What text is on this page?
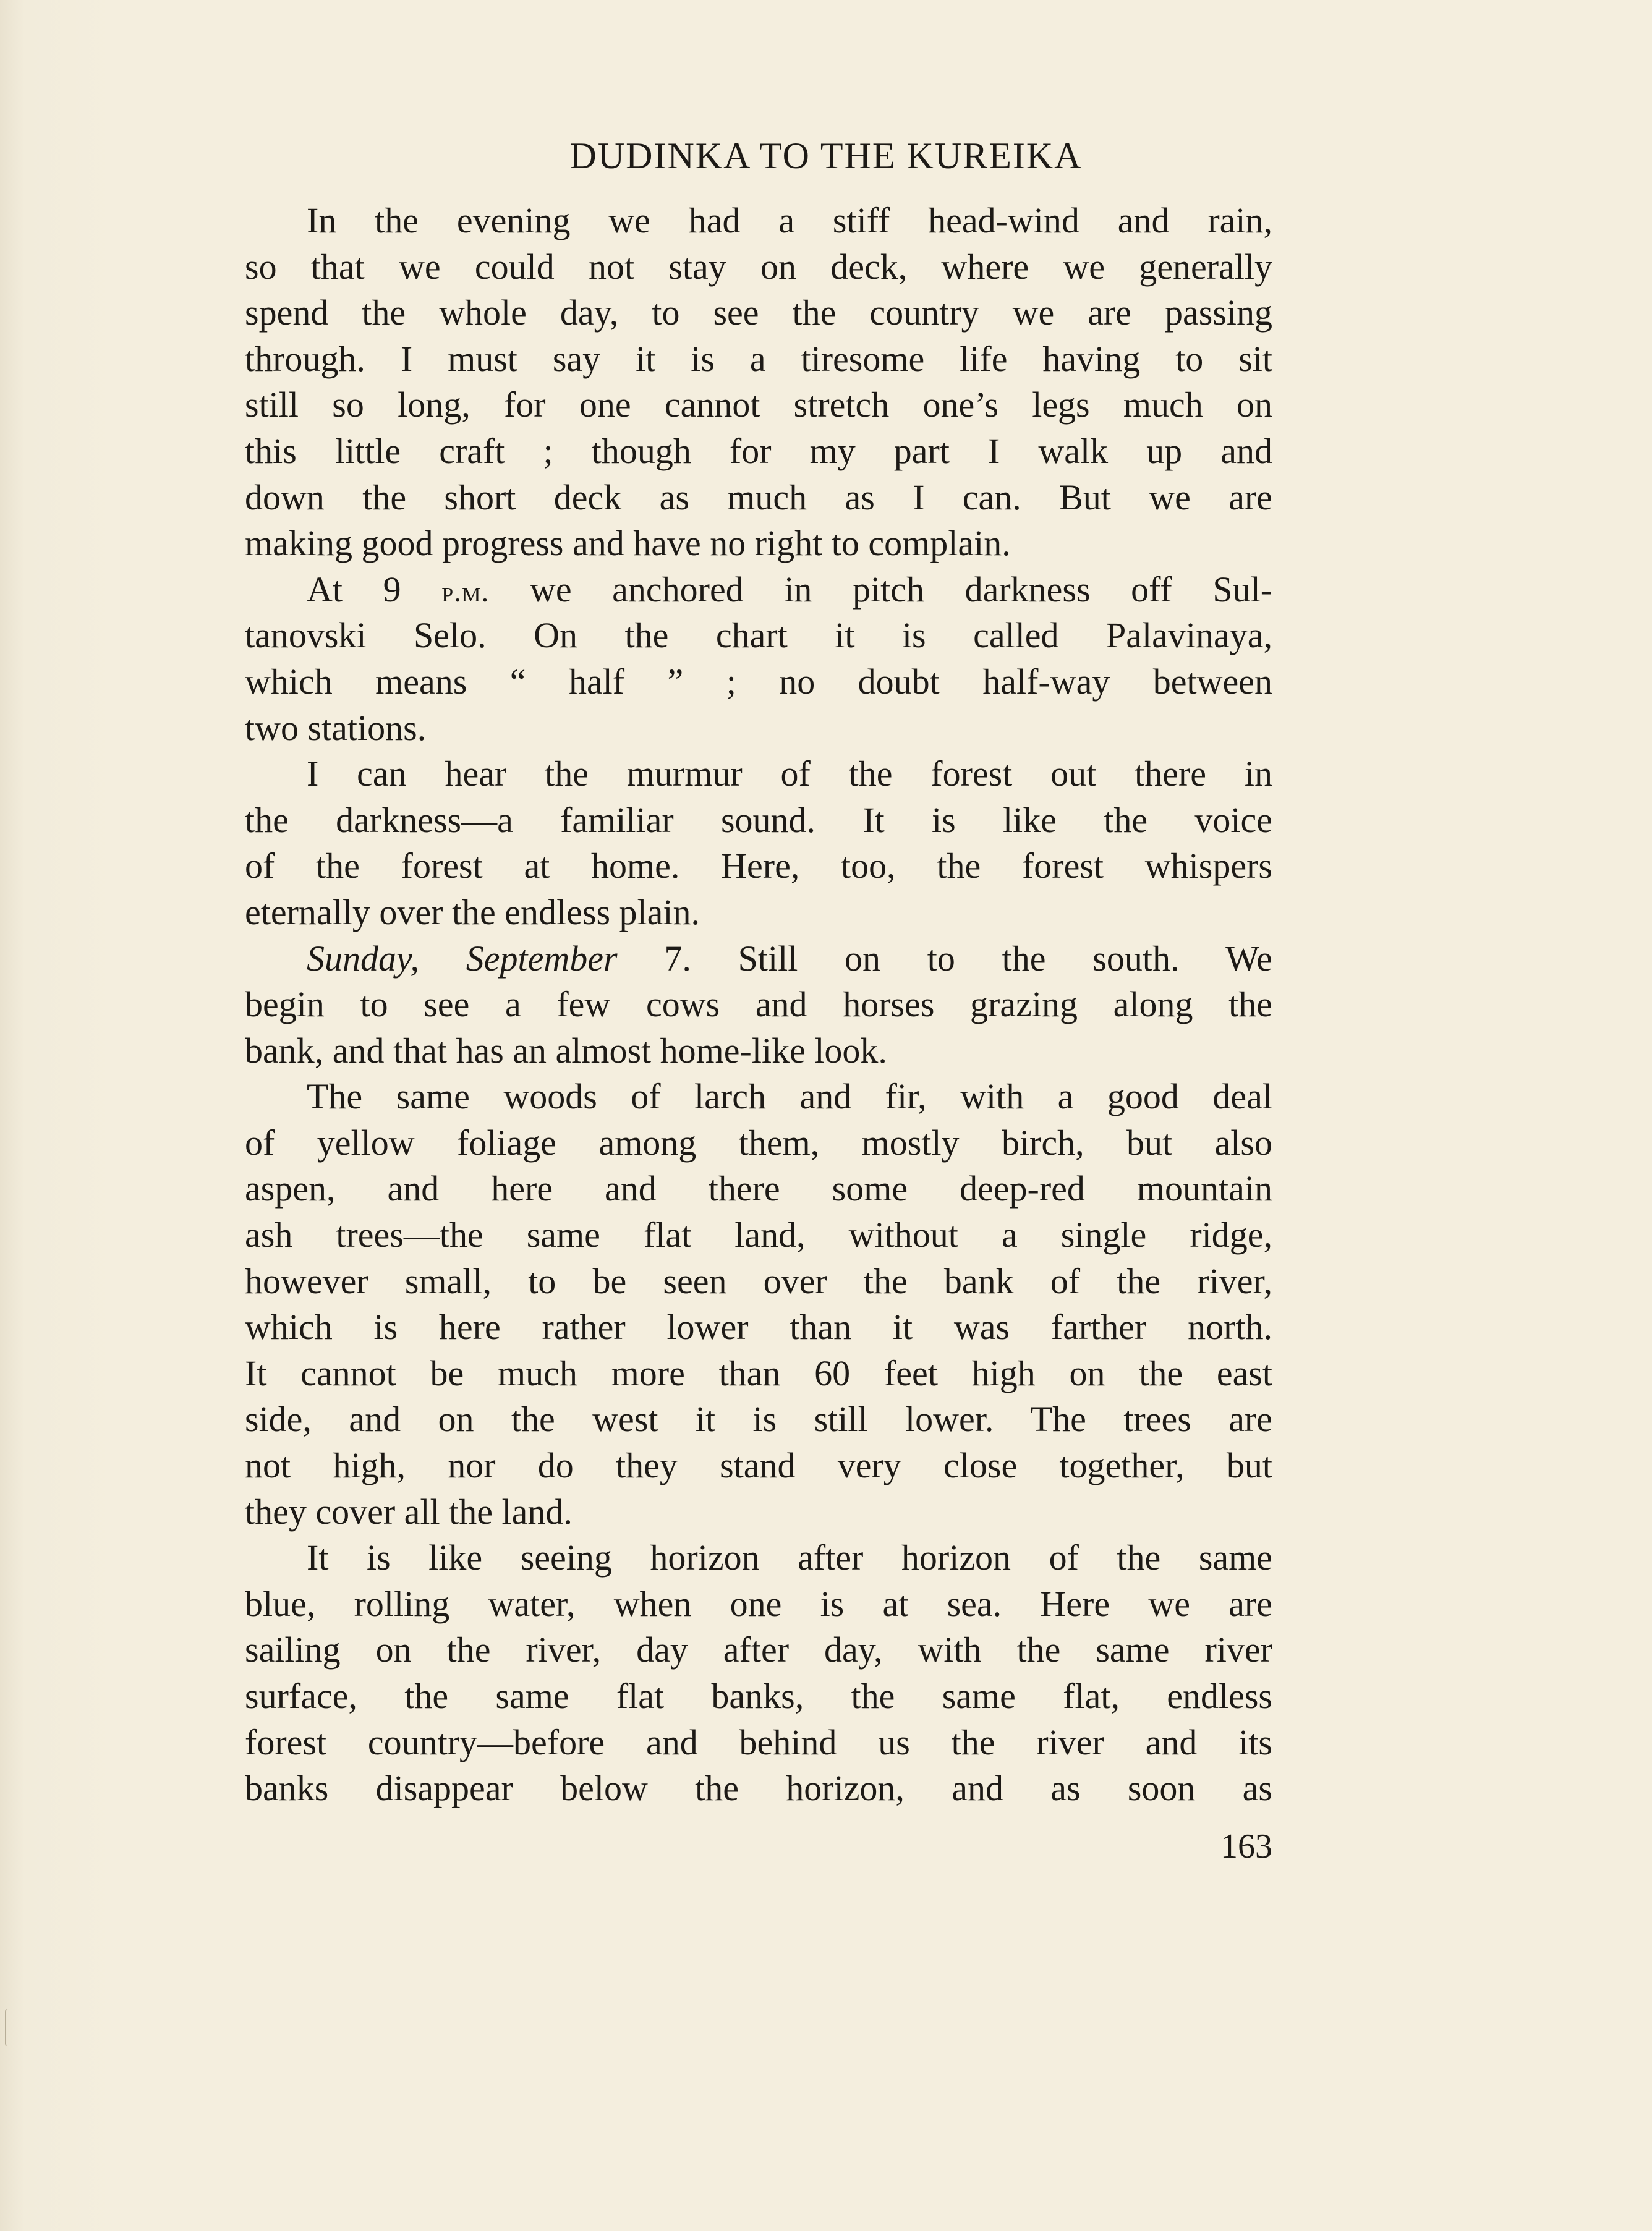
DUDINKA TO THE KUREIKA
In the evening we had a stiff head-wind and rain,
so that we could not stay on deck, where we generally
spend the whole day, to see the country we are passing
through. I must say it is a tiresome life having to sit
still so long, for one cannot stretch one’s legs much on
this little craft ; though for my part I walk up and
down the short deck as much as I can. But we are
making good progress and have no right to complain.
At 9 p.m. we anchored in pitch darkness off Sul-
tanovski Selo. On the chart it is called Palavinaya,
which means “ half ” ; no doubt half-way between
two stations.
I can hear the murmur of the forest out there in
the darkness—a familiar sound. It is like the voice
of the forest at home. Here, too, the forest whispers
eternally over the endless plain.
Sunday, September 7. Still on to the south. We
begin to see a few cows and horses grazing along the
bank, and that has an almost home-like look.
The same woods of larch and fir, with a good deal
of yellow foliage among them, mostly birch, but also
aspen, and here and there some deep-red mountain
ash trees—the same flat land, without a single ridge,
however small, to be seen over the bank of the river,
which is here rather lower than it was farther north.
It cannot be much more than 60 feet high on the east
side, and on the west it is still lower. The trees are
not high, nor do they stand very close together, but
they cover all the land.
It is like seeing horizon after horizon of the same
blue, rolling water, when one is at sea. Here we are
sailing on the river, day after day, with the same river
surface, the same flat banks, the same flat, endless
forest country—before and behind us the river and its
banks disappear below the horizon, and as soon as
163
